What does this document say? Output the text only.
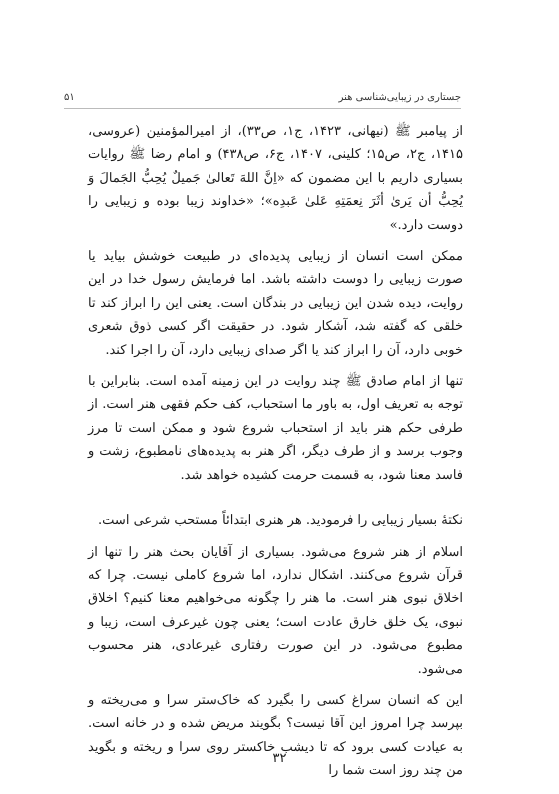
جستاری در زیبایی‌شناسی هنر
۵۱

از پیامبر ﷺ (نیهانی، ۱۴۲۳، ج۱، ص۳۳)، از امیرالمؤمنین (عروسی، ۱۴۱۵، ج۲، ص۱۵؛ کلینی، ۱۴۰۷، ج۶، ص۴۳۸) و امام رضا ﷺ روایات بسیاری داریم با این مضمون که «اِنَّ اللهَ تَعالیٰ جَمیلٌ یُحِبُّ الجَمالَ وَ یُحِبُّ أن یَریٰ أثَرَ نِعمَتِهِ عَلیٰ عَبدِه»؛ «خداوند زیبا بوده و زیبایی را دوست دارد.»

ممکن است انسان از زیبایی پدیده‌ای در طبیعت خوشش بیاید یا صورت زیبایی را دوست داشته باشد. اما فرمایش رسول خدا در این روایت، دیده شدن این زیبایی در بندگان است. یعنی این را ابراز کند تا خلقی که گفته شد، آشکار شود. در حقیقت اگر کسی ذوق شعری خوبی دارد، آن را ابراز کند یا اگر صدای زیبایی دارد، آن را اجرا کند.

تنها از امام صادق ﷺ چند روایت در این زمینه آمده است. بنابراین با توجه به تعریف اول، به باور ما استحباب، کف حکم فقهی هنر است. از طرفی حکم هنر باید از استحباب شروع شود و ممکن است تا مرز وجوب برسد و از طرف دیگر، اگر هنر به پدیده‌های نامطبوع، زشت و فاسد معنا شود، به قسمت حرمت کشیده خواهد شد.

نکتهٔ بسیار زیبایی را فرمودید. هر هنری ابتدائاً مستحب شرعی است.

اسلام از هنر شروع می‌شود. بسیاری از آقایان بحث هنر را تنها از قرآن شروع می‌کنند. اشکال ندارد، اما شروع کاملی نیست. چرا که اخلاق نبوی هنر است. ما هنر را چگونه می‌خواهیم معنا کنیم؟ اخلاق نبوی، یک خلق خارق عادت است؛ یعنی چون غیرعرف است، زیبا و مطبوع می‌شود. در این صورت رفتاری غیرعادی، هنر محسوب می‌شود.

این که انسان سراغ کسی را بگیرد که خاک‌ستر سرا و می‌ریخته و بپرسد چرا امروز این آقا نیست؟ بگویند مریض شده و در خانه است. به عیادت کسی برود که تا دیشب خاکستر روی سرا و ریخته و بگوید من چند روز است شما را

۳۲
